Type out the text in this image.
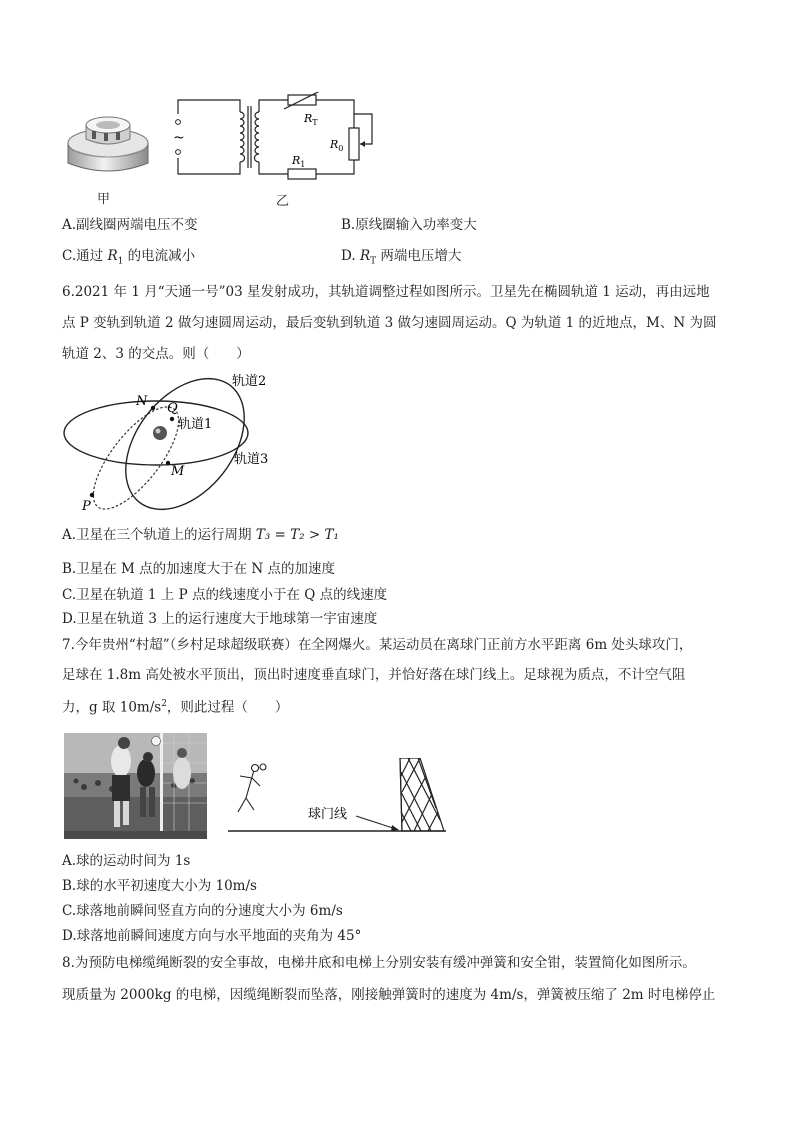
甲
~
$R_T$
$R_0$
$R_1$
乙
A.副线圈两端电压不变	B.原线圈输入功率变大
C.通过 $R_1$ 的电流减小	D. $R_T$ 两端电压增大
6.2021 年 1 月“天通一号”03 星发射成功，其轨道调整过程如图所示。卫星先在椭圆轨道 1 运动，再由远地
点 P 变轨到轨道 2 做匀速圆周运动，最后变轨到轨道 3 做匀速圆周运动。Q 为轨道 1 的近地点，M、N 为圆
轨道 2、3 的交点。则（　　）
N Q
M
P
轨道1
轨道2
轨道3
A.卫星在三个轨道上的运行周期 T₃ = T₂ > T₁
B.卫星在 M 点的加速度大于在 N 点的加速度
C.卫星在轨道 1 上 P 点的线速度小于在 Q 点的线速度
D.卫星在轨道 3 上的运行速度大于地球第一宇宙速度
7.今年贵州“村超”（乡村足球超级联赛）在全网爆火。某运动员在离球门正前方水平距离 6m 处头球攻门，
足球在 1.8m 高处被水平顶出，顶出时速度垂直球门，并恰好落在球门线上。足球视为质点，不计空气阻
力，g 取 $10m/s^2$，则此过程（　　）
球门线
A.球的运动时间为 1s
B.球的水平初速度大小为 10m/s
C.球落地前瞬间竖直方向的分速度大小为 6m/s
D.球落地前瞬间速度方向与水平地面的夹角为 45°
8.为预防电梯缆绳断裂的安全事故，电梯井底和电梯上分别安装有缓冲弹簧和安全钳，装置简化如图所示。
现质量为 2000kg 的电梯，因缆绳断裂而坠落，刚接触弹簧时的速度为 4m/s，弹簧被压缩了 2m 时电梯停止
